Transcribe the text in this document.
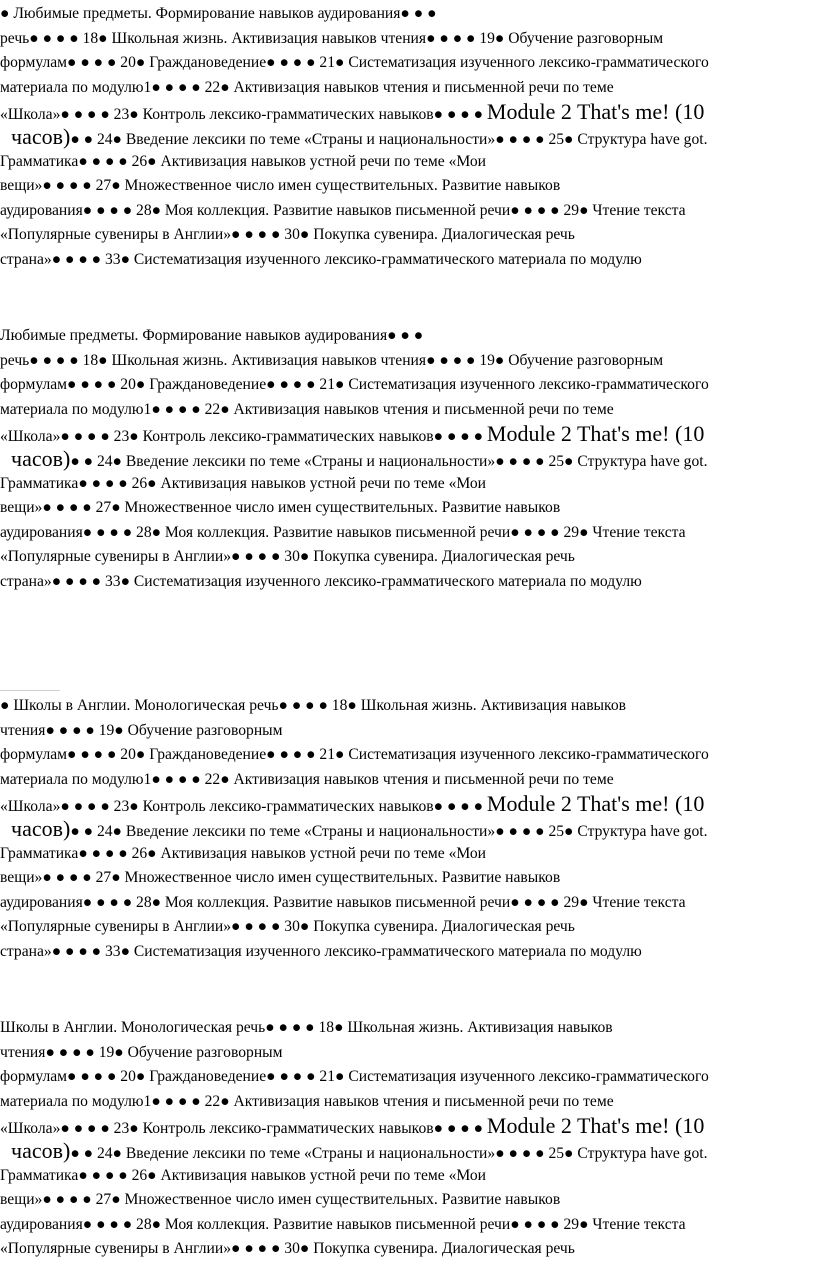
● Любимые предметы. Формирование навыков аудирования● ● ●
речь● ● ● ● 18● Школьная жизнь. Активизация навыков чтения● ● ● ● 19● Обучение разговорным
формулам● ● ● ● 20● Граждановедение● ● ● ● 21● Систематизация изученного лексико-грамматического
материала по модулю1● ● ● ● 22● Активизация навыков чтения и письменной речи по теме
«Школа»● ● ● ● 23● Контроль лексико-грамматических навыков● ● ● ● Module 2 That's me! (10
часов)● ● 24● Введение лексики по теме «Страны и национальности»● ● ● ● 25● Структура have got.
Грамматика● ● ● ● 26● Активизация навыков устной речи по теме «Мои
вещи»● ● ● ● 27● Множественное число имен существительных. Развитие навыков
аудирования● ● ● ● 28● Моя коллекция. Развитие навыков письменной речи● ● ● ● 29● Чтение текста
«Популярные сувениры в Англии»● ● ● ● 30● Покупка сувенира. Диалогическая речь
страна»● ● ● ● 33● Систематизация изученного лексико-грамматического материала по модулю
Любимые предметы. Формирование навыков аудирования● ● ●
речь● ● ● ● 18● Школьная жизнь. Активизация навыков чтения● ● ● ● 19● Обучение разговорным
формулам● ● ● ● 20● Граждановедение● ● ● ● 21● Систематизация изученного лексико-грамматического
материала по модулю1● ● ● ● 22● Активизация навыков чтения и письменной речи по теме
«Школа»● ● ● ● 23● Контроль лексико-грамматических навыков● ● ● ● Module 2 That's me! (10
часов)● ● 24● Введение лексики по теме «Страны и национальности»● ● ● ● 25● Структура have got.
Грамматика● ● ● ● 26● Активизация навыков устной речи по теме «Мои
вещи»● ● ● ● 27● Множественное число имен существительных. Развитие навыков
аудирования● ● ● ● 28● Моя коллекция. Развитие навыков письменной речи● ● ● ● 29● Чтение текста
«Популярные сувениры в Англии»● ● ● ● 30● Покупка сувенира. Диалогическая речь
страна»● ● ● ● 33● Систематизация изученного лексико-грамматического материала по модулю
● Школы в Англии. Монологическая речь● ● ● ● 18● Школьная жизнь. Активизация навыков
чтения● ● ● ● 19● Обучение разговорным
формулам● ● ● ● 20● Граждановедение● ● ● ● 21● Систематизация изученного лексико-грамматического
материала по модулю1● ● ● ● 22● Активизация навыков чтения и письменной речи по теме
«Школа»● ● ● ● 23● Контроль лексико-грамматических навыков● ● ● ● Module 2 That's me! (10
часов)● ● 24● Введение лексики по теме «Страны и национальности»● ● ● ● 25● Структура have got.
Грамматика● ● ● ● 26● Активизация навыков устной речи по теме «Мои
вещи»● ● ● ● 27● Множественное число имен существительных. Развитие навыков
аудирования● ● ● ● 28● Моя коллекция. Развитие навыков письменной речи● ● ● ● 29● Чтение текста
«Популярные сувениры в Англии»● ● ● ● 30● Покупка сувенира. Диалогическая речь
страна»● ● ● ● 33● Систематизация изученного лексико-грамматического материала по модулю
Школы в Англии. Монологическая речь● ● ● ● 18● Школьная жизнь. Активизация навыков
чтения● ● ● ● 19● Обучение разговорным
формулам● ● ● ● 20● Граждановедение● ● ● ● 21● Систематизация изученного лексико-грамматического
материала по модулю1● ● ● ● 22● Активизация навыков чтения и письменной речи по теме
«Школа»● ● ● ● 23● Контроль лексико-грамматических навыков● ● ● ● Module 2 That's me! (10
часов)● ● 24● Введение лексики по теме «Страны и национальности»● ● ● ● 25● Структура have got.
Грамматика● ● ● ● 26● Активизация навыков устной речи по теме «Мои
вещи»● ● ● ● 27● Множественное число имен существительных. Развитие навыков
аудирования● ● ● ● 28● Моя коллекция. Развитие навыков письменной речи● ● ● ● 29● Чтение текста
«Популярные сувениры в Англии»● ● ● ● 30● Покупка сувенира. Диалогическая речь
